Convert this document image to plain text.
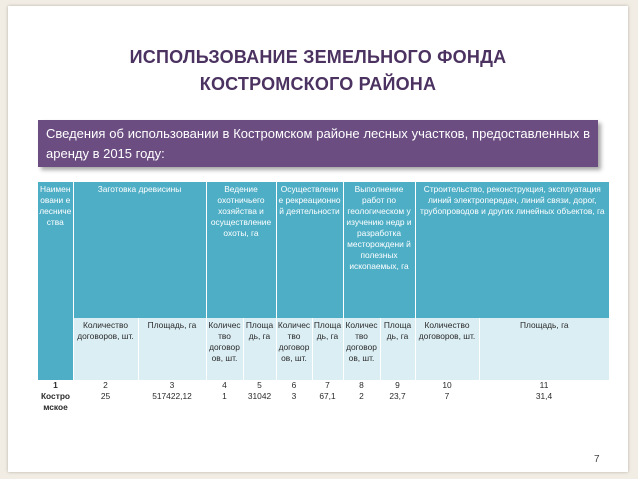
ИСПОЛЬЗОВАНИЕ ЗЕМЕЛЬНОГО ФОНДА
КОСТРОМСКОГО РАЙОНА
Сведения об использовании в Костромском районе лесных участков, предоставленных в аренду в 2015 году:
Наименовани е лесничества	Заготовка древисины		Ведение охотничьего хозяйства и осуществление охоты, га		Осуществлени е рекреационно й деятельности		Выполнение работ по геологическом у изучению недр и разработка месторождени й полезных ископаемых, га		Строительство, реконструкция, эксплуатация линий электропередач, линий связи, дорог, трубопроводов и других линейных объектов, га	
	Количество договоров, шт.	Площадь, га	Количество договоров, шт.	Площадь, га	Количество договоров, шт.	Площадь, га	Количество договоров, шт.	Площадь, га	Количество договоров, шт.	Площадь, га
1	2	3	4	5	6	7	8	9	10	11
Костромское	25	517422,12	1	31042	3	67,1	2	23,7	7	31,4
7
